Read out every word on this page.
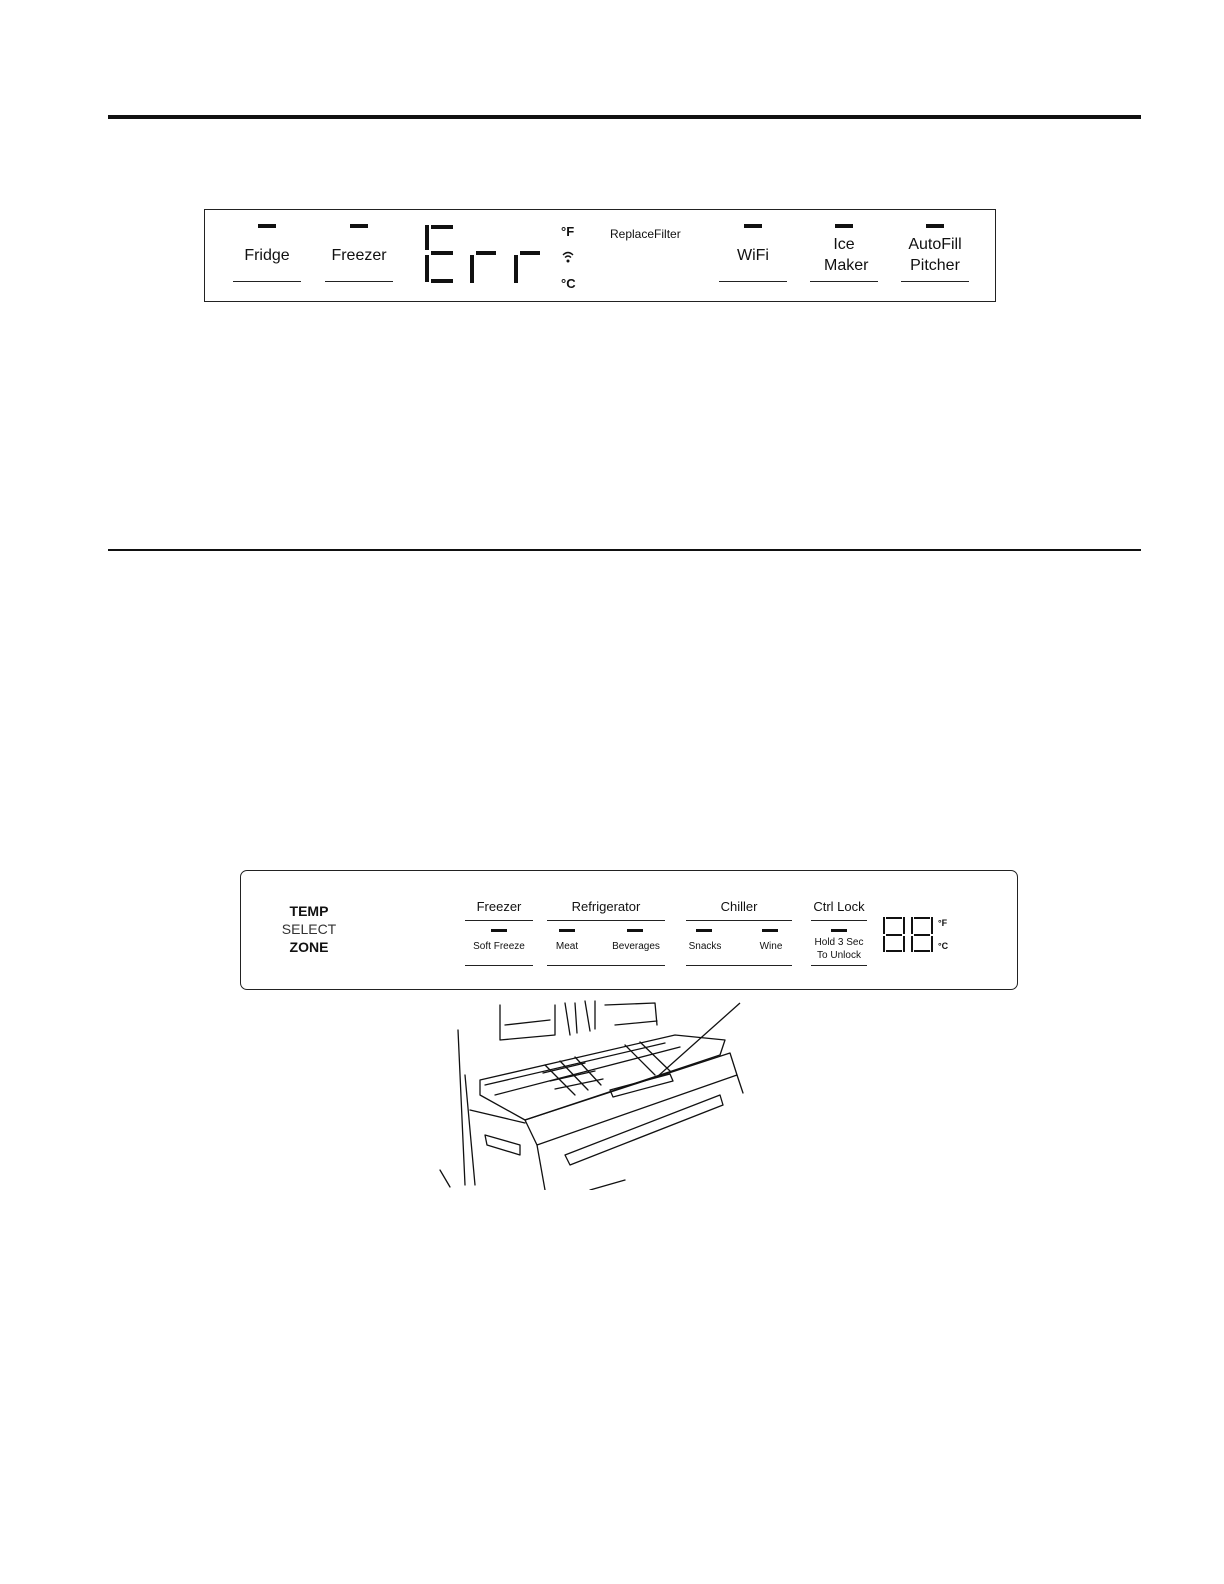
Fridge	Freezer
°F
°C
ReplaceFilter
WiFi
Ice Maker
AutoFill Pitcher
TEMP
SELECT
ZONE
Freezer
Soft Freeze
Refrigerator
Meat	Beverages
Chiller
Snacks	Wine
Ctrl Lock
Hold 3 Sec
To Unlock
°F
°C
